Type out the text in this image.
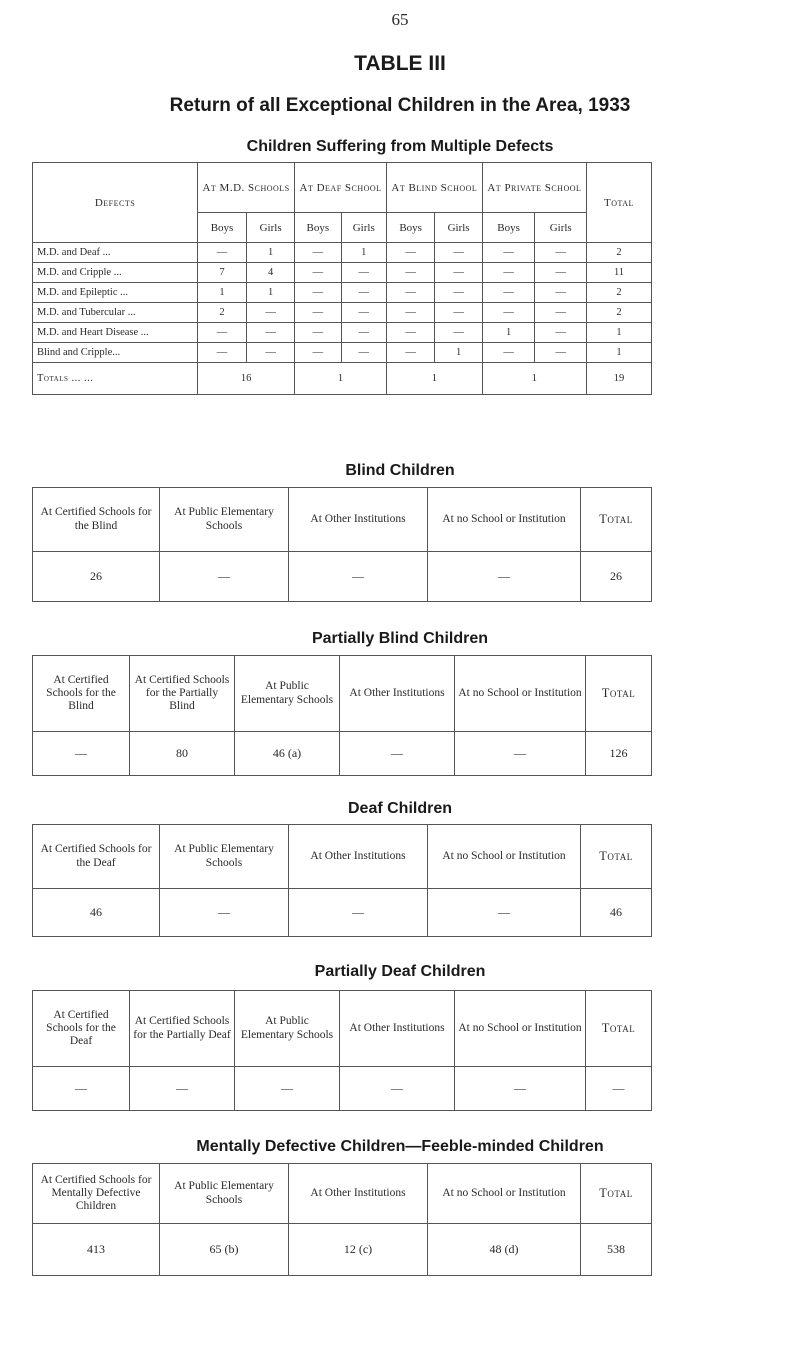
65
TABLE III
Return of all Exceptional Children in the Area, 1933
Children Suffering from Multiple Defects
Defects	At M.D. Schools		At Deaf School		At Blind School		At Private School		Total
	Boys	Girls	Boys	Girls	Boys	Girls	Boys	Girls	
M.D. and Deaf ...	—	1	—	1	—	—	—	—	2
M.D. and Cripple ...	7	4	—	—	—	—	—	—	11
M.D. and Epileptic ...	1	1	—	—	—	—	—	—	2
M.D. and Tubercular ...	2	—	—	—	—	—	—	—	2
M.D. and Heart Disease ...	—	—	—	—	—	—	1	—	1
Blind and Cripple...	—	—	—	—	—	1	—	—	1
Totals ... ...	16		1		1		1		19
Blind Children
At Certified Schools for the Blind	At Public Elementary Schools	At Other Institutions	At no School or Institution	Total
26	—	—	—	26
Partially Blind Children
At Certified Schools for the Blind	At Certified Schools for the Partially Blind	At Public Elementary Schools	At Other Institutions	At no School or Institution	Total
—	80	46 (a)	—	—	126
Deaf Children
At Certified Schools for the Deaf	At Public Elementary Schools	At Other Institutions	At no School or Institution	Total
46	—	—	—	46
Partially Deaf Children
At Certified Schools for the Deaf	At Certified Schools for the Partially Deaf	At Public Elementary Schools	At Other Institutions	At no School or Institution	Total
—	—	—	—	—	—
Mentally Defective Children—Feeble-minded Children
At Certified Schools for Mentally Defective Children	At Public Elementary Schools	At Other Institutions	At no School or Institution	Total
413	65 (b)	12 (c)	48 (d)	538
